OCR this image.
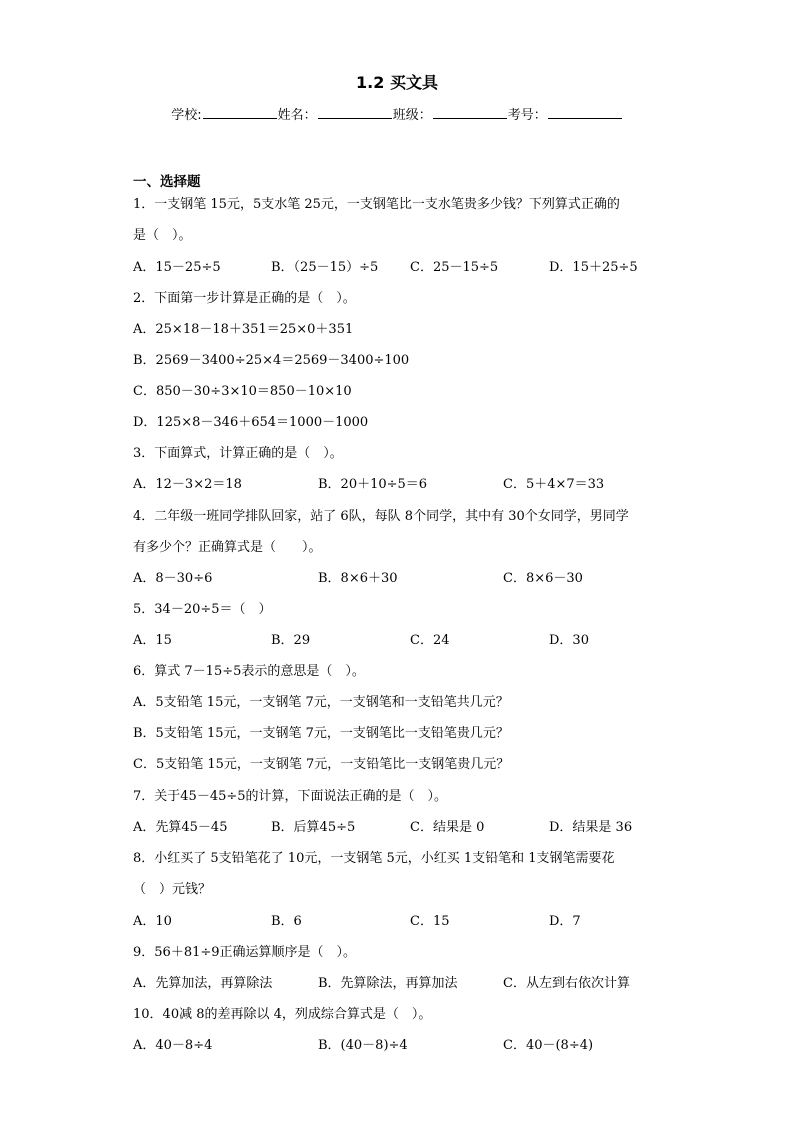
1.2 买文具
学校:	姓名：	班级：	考号：
一、选择题
1．一支钢笔 15元，5支水笔 25元，一支钢笔比一支水笔贵多少钱？下列算式正确的
是（　）。
A．15－25÷5	B．（25－15）÷5 C．25－15÷5	D．15＋25÷5
2．下面第一步计算是正确的是（　）。
A．25×18－18＋351＝25×0＋351
B．2569－3400÷25×4＝2569－3400÷100
C．850－30÷3×10＝850－10×10
D．125×8－346＋654＝1000－1000
3．下面算式，计算正确的是（　）。
A．12－3×2＝18	B．20＋10÷5＝6	C．5＋4×7＝33
4．二年级一班同学排队回家，站了 6队，每队 8个同学，其中有 30个女同学，男同学
有多少个？正确算式是（　　）。
A．8－30÷6	B．8×6＋30	C．8×6－30
5．34－20÷5＝（　）
A．15	B．29	C．24	D．30
6．算式 7－15÷5表示的意思是（　）。
A．5支铅笔 15元，一支钢笔 7元，一支钢笔和一支铅笔共几元？
B．5支铅笔 15元，一支钢笔 7元，一支钢笔比一支铅笔贵几元？
C．5支铅笔 15元，一支钢笔 7元，一支铅笔比一支钢笔贵几元？
7．关于45－45÷5的计算，下面说法正确的是（　）。
A．先算45－45	B．后算45÷5	C．结果是 0	D．结果是 36
8．小红买了 5支铅笔花了 10元，一支钢笔 5元，小红买 1支铅笔和 1支钢笔需要花
（　）元钱？
A．10	B．6	C．15	D．7
9．56＋81÷9正确运算顺序是（　）。
A．先算加法，再算除法	B．先算除法，再算加法	C．从左到右依次计算
10．40减 8的差再除以 4，列成综合算式是（　）。
A．40－8÷4	B．(40－8)÷4	C．40－(8÷4)
